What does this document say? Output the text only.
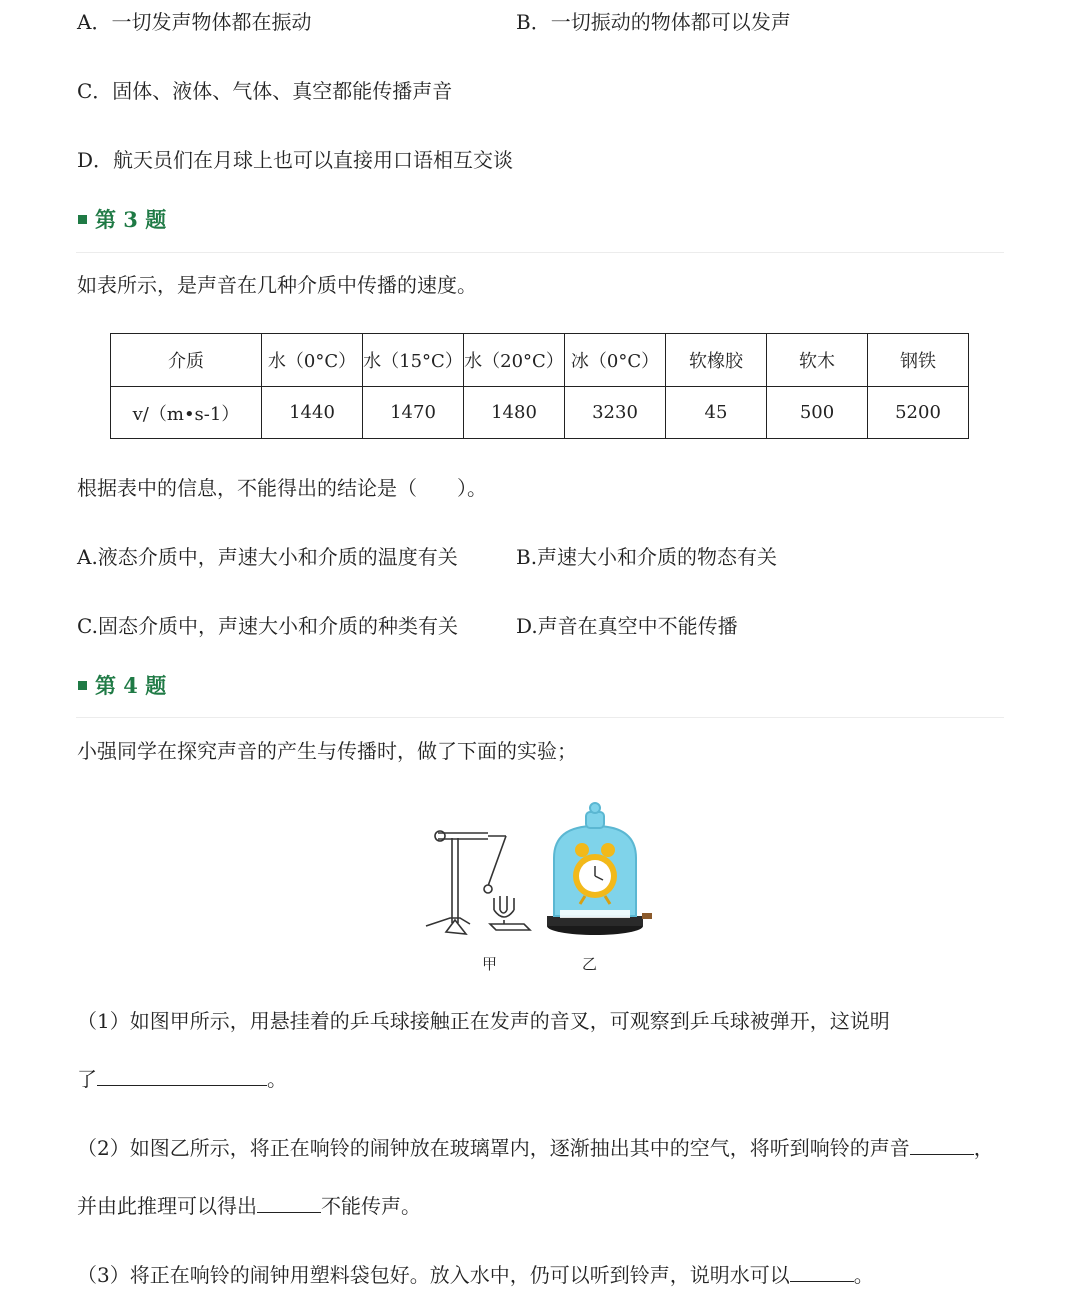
A．一切发声物体都在振动	B．一切振动的物体都可以发声
C．固体、液体、气体、真空都能传播声音
D．航天员们在月球上也可以直接用口语相互交谈
第 3 题
如表所示，是声音在几种介质中传播的速度。
介质	水（0°C）	水（15°C）	水（20°C）	冰（0°C）	软橡胶	软木	钢铁
v/（m•s-1）	1440	1470	1480	3230	45	500	5200
根据表中的信息，不能得出的结论是（　　）。
A.液态介质中，声速大小和介质的温度有关	B.声速大小和介质的物态有关
C.固态介质中，声速大小和介质的种类有关	D.声音在真空中不能传播
第 4 题
小强同学在探究声音的产生与传播时，做了下面的实验；
甲	乙
（1）如图甲所示，用悬挂着的乒乓球接触正在发声的音叉，可观察到乒乓球被弹开，这说明
了	。
（2）如图乙所示，将正在响铃的闹钟放在玻璃罩内，逐渐抽出其中的空气，将听到响铃的声音	，
并由此推理可以得出	不能传声。
（3）将正在响铃的闹钟用塑料袋包好。放入水中，仍可以听到铃声，说明水可以	。
